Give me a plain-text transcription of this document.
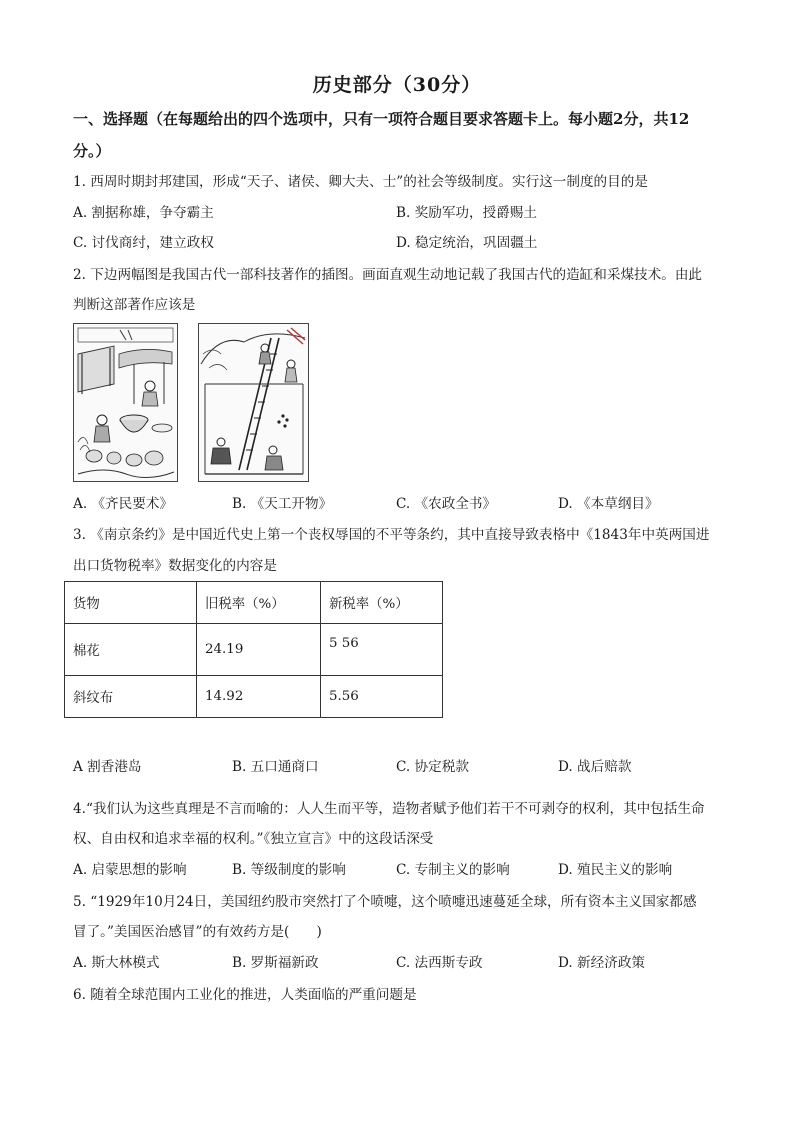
历史部分（30分）
一、选择题（在每题给出的四个选项中，只有一项符合题目要求答题卡上。每小题2分，共12
分。）
1. 西周时期封邦建国，形成“天子、诸侯、卿大夫、士”的社会等级制度。实行这一制度的目的是
A. 割据称雄，争夺霸主	B. 奖励军功，授爵赐土
C. 讨伐商纣，建立政权	D. 稳定统治，巩固疆土
2. 下边两幅图是我国古代一部科技著作的插图。画面直观生动地记载了我国古代的造缸和采煤技术。由此
判断这部著作应该是
A. 《齐民要术》	B. 《天工开物》	C. 《农政全书》	D. 《本草纲目》
3. 《南京条约》是中国近代史上第一个丧权辱国的不平等条约，其中直接导致表格中《1843年中英两国进
出口货物税率》数据变化的内容是
货物	旧税率（%）	新税率（%）
棉花	24.19	5 56
斜纹布	14.92	5.56
A 割香港岛	B. 五口通商口	C. 协定税款	D. 战后赔款
4.“我们认为这些真理是不言而喻的：人人生而平等，造物者赋予他们若干不可剥夺的权利，其中包括生命
权、自由权和追求幸福的权利。”《独立宣言》中的这段话深受
A. 启蒙思想的影响	B. 等级制度的影响	C. 专制主义的影响	D. 殖民主义的影响
5. “1929年10月24日，美国纽约股市突然打了个喷嚏，这个喷嚏迅速蔓延全球，所有资本主义国家都感
冒了。”美国医治感冒”的有效药方是(　　)
A. 斯大林模式	B. 罗斯福新政	C. 法西斯专政	D. 新经济政策
6. 随着全球范围内工业化的推进，人类面临的严重问题是
